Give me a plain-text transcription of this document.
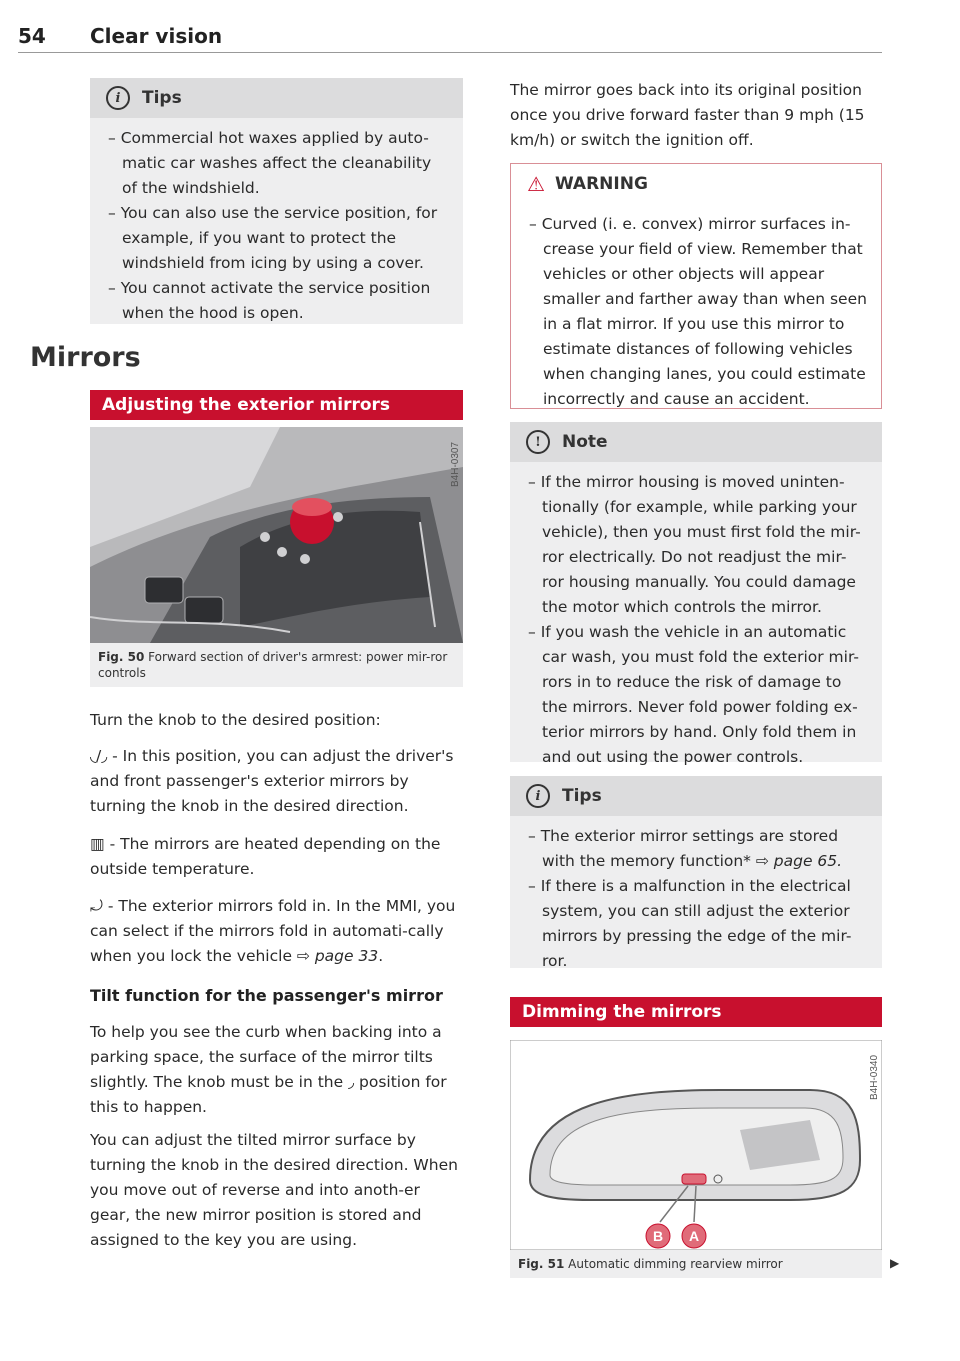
54 Clear vision
i	Tips
– Commercial hot waxes applied by auto-matic car washes affect the cleanability of the windshield.
– You can also use the service position, for example, if you want to protect the windshield from icing by using a cover.
– You cannot activate the service position when the hood is open.
Mirrors
Adjusting the exterior mirrors
B4H-0307
Fig. 50 Forward section of driver's armrest: power mir-ror controls
Turn the knob to the desired position:
◟/◞ - In this position, you can adjust the driver's and front passenger's exterior mirrors by turning the knob in the desired direction.
▥ - The mirrors are heated depending on the outside temperature.
⤾ - The exterior mirrors fold in. In the MMI, you can select if the mirrors fold in automati-cally when you lock the vehicle ⇨ page 33.
Tilt function for the passenger's mirror
To help you see the curb when backing into a parking space, the surface of the mirror tilts slightly. The knob must be in the ◞ position for this to happen.
You can adjust the tilted mirror surface by turning the knob in the desired direction. When you move out of reverse and into anoth-er gear, the new mirror position is stored and assigned to the key you are using.
The mirror goes back into its original position once you drive forward faster than 9 mph (15 km/h) or switch the ignition off.
⚠ WARNING
– Curved (i. e. convex) mirror surfaces in-crease your field of view. Remember that vehicles or other objects will appear smaller and farther away than when seen in a flat mirror. If you use this mirror to estimate distances of following vehicles when changing lanes, you could estimate incorrectly and cause an accident.
!	Note
– If the mirror housing is moved uninten-tionally (for example, while parking your vehicle), then you must first fold the mir-ror electrically. Do not readjust the mir-ror housing manually. You could damage the motor which controls the mirror.
– If you wash the vehicle in an automatic car wash, you must fold the exterior mir-rors in to reduce the risk of damage to the mirrors. Never fold power folding ex-terior mirrors by hand. Only fold them in and out using the power controls.
i	Tips
– The exterior mirror settings are stored with the memory function* ⇨ page 65.
– If there is a malfunction in the electrical system, you can still adjust the exterior mirrors by pressing the edge of the mir-ror.
Dimming the mirrors
B A
B4H-0340
Fig. 51 Automatic dimming rearview mirror	▶
